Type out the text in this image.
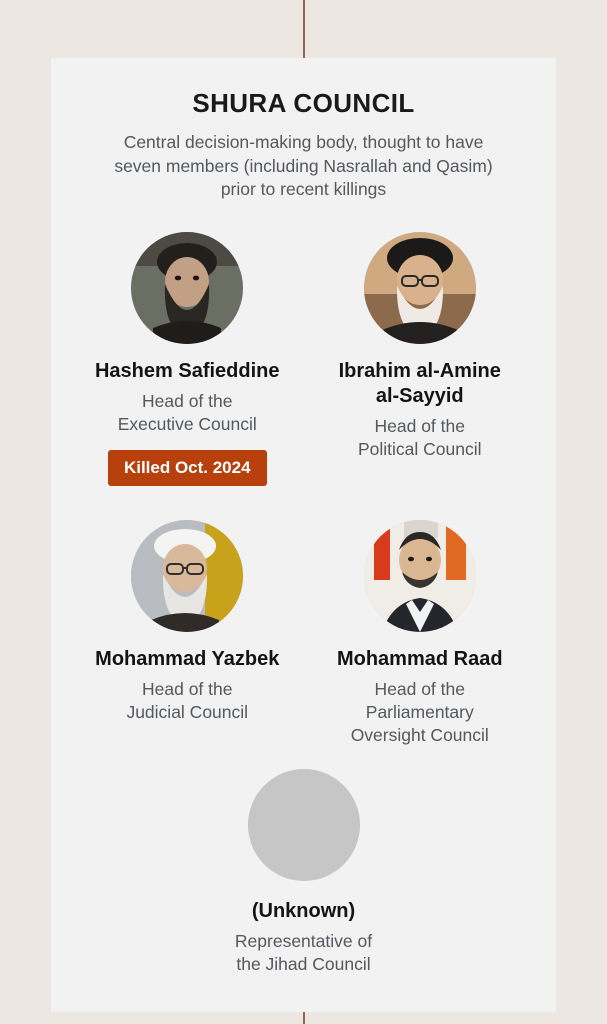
SHURA COUNCIL

Central decision-making body, thought to have seven members (including Nasrallah and Qasim) prior to recent killings

Hashem Safieddine
Head of the
Executive Council
Killed Oct. 2024
Ibrahim al-Amine
al-Sayyid
Head of the
Political Council
Mohammad Yazbek
Head of the
Judicial Council
Mohammad Raad
Head of the
Parliamentary
Oversight Council
(Unknown)
Representative of
the Jihad Council
